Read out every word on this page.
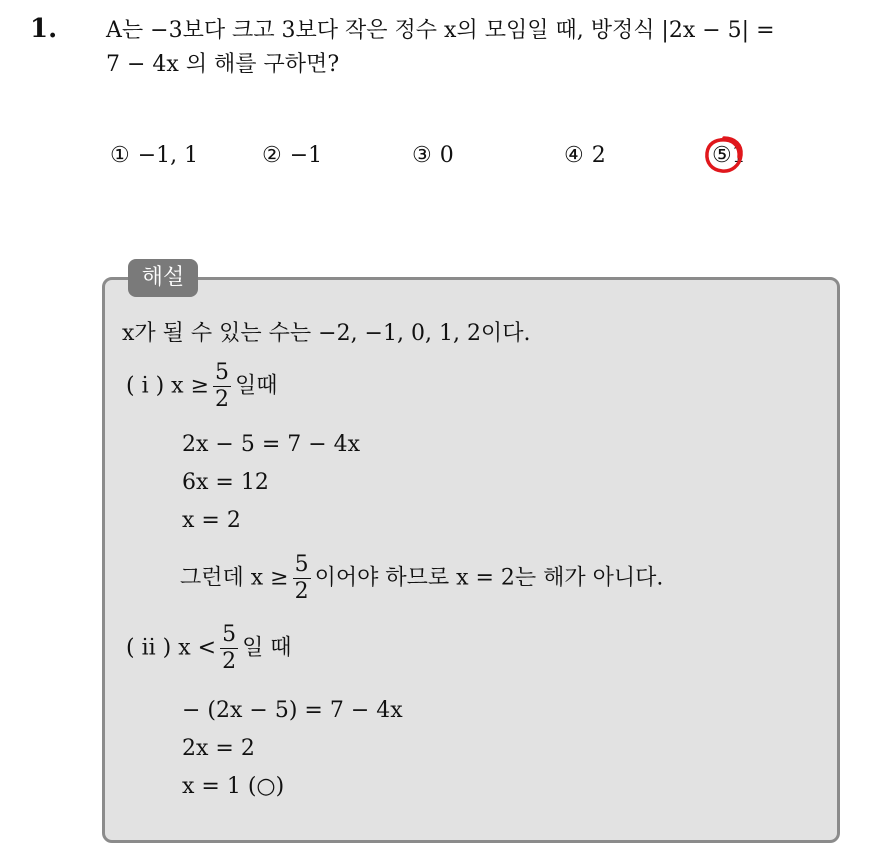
1. A는 −3보다 크고 3보다 작은 정수 x의 모임일 때, 방정식 |2x − 5| =
7 − 4x 의 해를 구하면?
① −1, 1	② −1	③ 0	④ 2	⑤
1
해설
x가 될 수 있는 수는 −2, −1, 0, 1, 2이다.
( i ) $x \ge \frac{5}{2}$ 일때
2x − 5 = 7 − 4x
6x = 12
x = 2
그런데 $x \ge \frac{5}{2}$ 이어야 하므로 x = 2는 해가 아니다.
( ii ) $x < \frac{5}{2}$ 일 때
− (2x − 5) = 7 − 4x
2x = 2
x = 1 (○)
